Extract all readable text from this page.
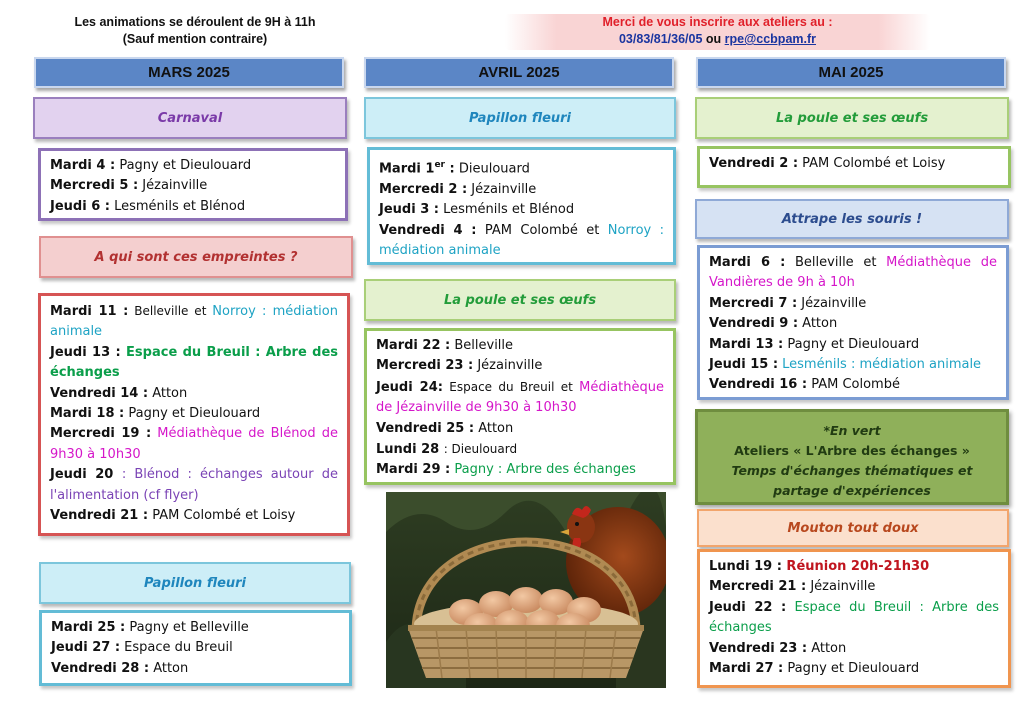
Les animations se déroulent de 9H à 11h
(Sauf mention contraire)
Merci de vous inscrire aux ateliers au :
03/83/81/36/05 ou rpe@ccbpam.fr
MARS 2025	AVRIL 2025	MAI 2025
Carnaval
Mardi 4 : Pagny et Dieulouard
Mercredi 5 : Jézainville
Jeudi 6 : Lesménils et Blénod
A qui sont ces empreintes ?
Mardi 11 : Belleville et Norroy : médiation animale
Jeudi 13 : Espace du Breuil : Arbre des échanges
Vendredi 14 : Atton
Mardi 18 : Pagny et Dieulouard
Mercredi 19 : Médiathèque de Blénod de 9h30 à 10h30
Jeudi 20 : Blénod : échanges autour de l'alimentation (cf flyer)
Vendredi 21 : PAM Colombé et Loisy
Papillon fleuri
Mardi 25 : Pagny et Belleville
Jeudi 27 : Espace du Breuil
Vendredi 28 : Atton
Papillon fleuri
Mardi 1er : Dieulouard
Mercredi 2 : Jézainville
Jeudi 3 : Lesménils et Blénod
Vendredi 4 : PAM Colombé et Norroy : médiation animale
La poule et ses œufs
Mardi 22 : Belleville
Mercredi 23 : Jézainville
Jeudi 24: Espace du Breuil et Médiathèque de Jézainville de 9h30 à 10h30
Vendredi 25 : Atton
Lundi 28 : Dieulouard
Mardi 29 : Pagny : Arbre des échanges
La poule et ses œufs
Vendredi 2 : PAM Colombé et Loisy
Attrape les souris !
Mardi 6 : Belleville et Médiathèque de Vandières de 9h à 10h
Mercredi 7 : Jézainville
Vendredi 9 : Atton
Mardi 13 : Pagny et Dieulouard
Jeudi 15 : Lesménils : médiation animale
Vendredi 16 : PAM Colombé
*En vert
Ateliers « L'Arbre des échanges »
Temps d'échanges thématiques et
partage d'expériences
Mouton tout doux
Lundi 19 : Réunion 20h-21h30
Mercredi 21 : Jézainville
Jeudi 22 : Espace du Breuil : Arbre des échanges
Vendredi 23 : Atton
Mardi 27 : Pagny et Dieulouard
